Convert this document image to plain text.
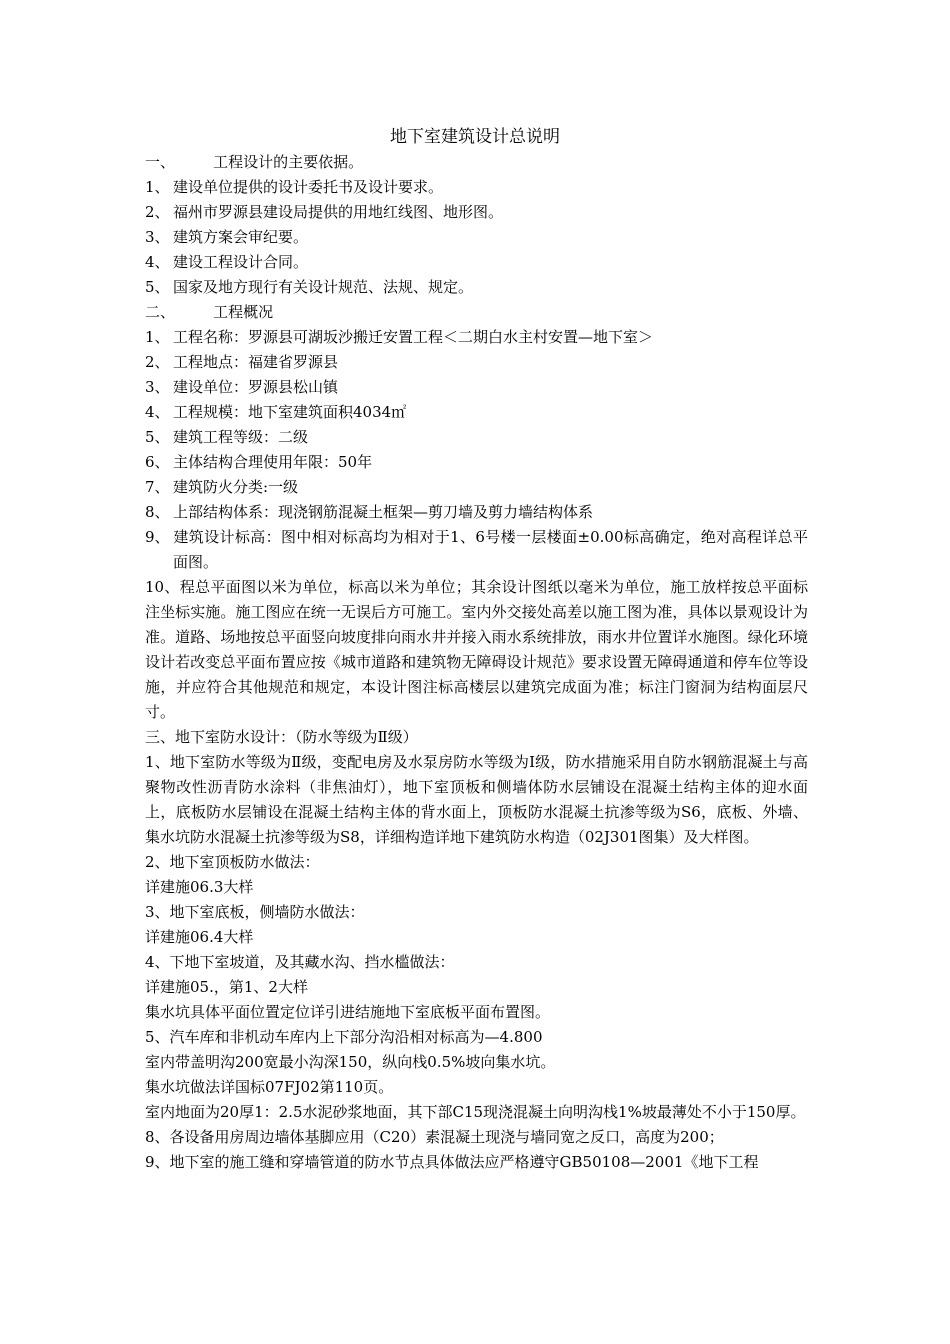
地下室建筑设计总说明

一、        工程设计的主要依据。

1、 建设单位提供的设计委托书及设计要求。

2、 福州市罗源县建设局提供的用地红线图、地形图。

3、 建筑方案会审纪要。

4、 建设工程设计合同。

5、 国家及地方现行有关设计规范、法规、规定。

二、        工程概况

1、 工程名称：罗源县可湖坂沙搬迁安置工程＜二期白水主村安置—地下室＞

2、 工程地点：福建省罗源县

3、 建设单位：罗源县松山镇

4、 工程规模：地下室建筑面积4034㎡

5、 建筑工程等级：二级

6、 主体结构合理使用年限：50年

7、 建筑防火分类:一级

8、 上部结构体系：现浇钢筋混凝土框架—剪刀墙及剪力墙结构体系

9、 建筑设计标高：图中相对标高均为相对于1、6号楼一层楼面±0.00标高确定，绝对高程详总平面图。

10、程总平面图以米为单位，标高以米为单位；其余设计图纸以毫米为单位，施工放样按总平面标注坐标实施。施工图应在统一无误后方可施工。室内外交接处高差以施工图为准，具体以景观设计为准。道路、场地按总平面竖向坡度排向雨水井并接入雨水系统排放，雨水井位置详水施图。绿化环境设计若改变总平面布置应按《城市道路和建筑物无障碍设计规范》要求设置无障碍通道和停车位等设施，并应符合其他规范和规定，本设计图注标高楼层以建筑完成面为准；标注门窗洞为结构面层尺寸。

三、地下室防水设计：（防水等级为Ⅱ级）

1、地下室防水等级为Ⅱ级，变配电房及水泵房防水等级为Ⅰ级，防水措施采用自防水钢筋混凝土与高聚物改性沥青防水涂料（非焦油灯），地下室顶板和侧墙体防水层铺设在混凝土结构主体的迎水面上，底板防水层铺设在混凝土结构主体的背水面上，顶板防水混凝土抗渗等级为S6，底板、外墙、集水坑防水混凝土抗渗等级为S8，详细构造详地下建筑防水构造（02J301图集）及大样图。

2、地下室顶板防水做法：

详建施06.3大样

3、地下室底板，侧墙防水做法：

详建施06.4大样

4、下地下室坡道，及其藏水沟、挡水槛做法：

详建施05.，第1、2大样

集水坑具体平面位置定位详引进结施地下室底板平面布置图。

5、汽车库和非机动车库内上下部分沟沿相对标高为—4.800

室内带盖明沟200宽最小沟深150，纵向栈0.5%坡向集水坑。

集水坑做法详国标07FJ02第110页。

室内地面为20厚1：2.5水泥砂浆地面，其下部C15现浇混凝土向明沟栈1%坡最薄处不小于150厚。

8、各设备用房周边墙体基脚应用（C20）素混凝土现浇与墙同宽之反口，高度为200；

9、地下室的施工缝和穿墙管道的防水节点具体做法应严格遵守GB50108—2001《地下工程
